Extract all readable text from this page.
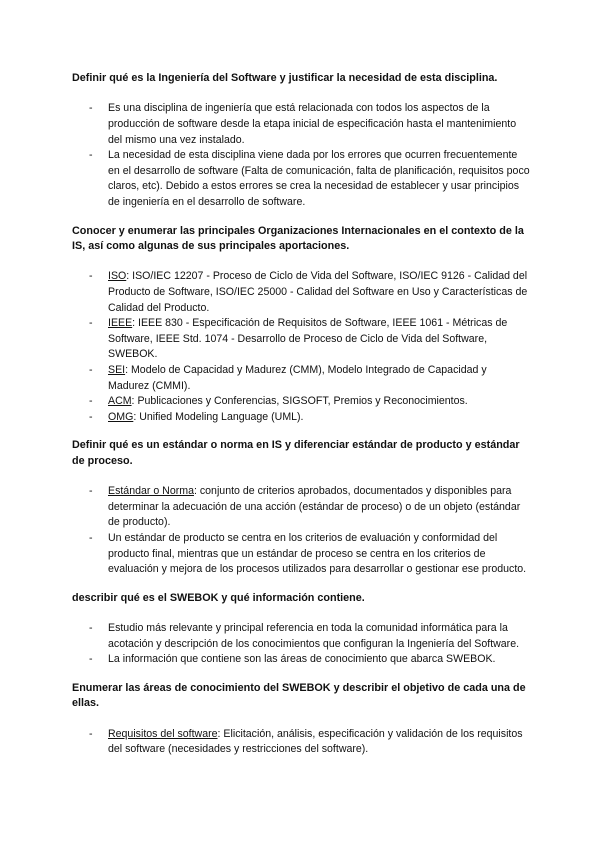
Definir qué es la Ingeniería del Software y justificar la necesidad de esta disciplina.
- Es una disciplina de ingeniería que está relacionada con todos los aspectos de la producción de software desde la etapa inicial de especificación hasta el mantenimiento del mismo una vez instalado.
- La necesidad de esta disciplina viene dada por los errores que ocurren frecuentemente en el desarrollo de software (Falta de comunicación, falta de planificación, requisitos poco claros, etc). Debido a estos errores se crea la necesidad de establecer y usar principios de ingeniería en el desarrollo de software.
Conocer y enumerar las principales Organizaciones Internacionales en el contexto de la IS, así como algunas de sus principales aportaciones.
- ISO: ISO/IEC 12207 - Proceso de Ciclo de Vida del Software, ISO/IEC 9126 - Calidad del Producto de Software, ISO/IEC 25000 - Calidad del Software en Uso y Características de Calidad del Producto.
- IEEE: IEEE 830 - Especificación de Requisitos de Software, IEEE 1061 - Métricas de Software, IEEE Std. 1074 - Desarrollo de Proceso de Ciclo de Vida del Software, SWEBOK.
- SEI: Modelo de Capacidad y Madurez (CMM), Modelo Integrado de Capacidad y Madurez (CMMI).
- ACM: Publicaciones y Conferencias, SIGSOFT, Premios y Reconocimientos.
- OMG: Unified Modeling Language (UML).
Definir qué es un estándar o norma en IS y diferenciar estándar de producto y estándar de proceso.
- Estándar o Norma: conjunto de criterios aprobados, documentados y disponibles para determinar la adecuación de una acción (estándar de proceso) o de un objeto (estándar de producto).
- Un estándar de producto se centra en los criterios de evaluación y conformidad del producto final, mientras que un estándar de proceso se centra en los criterios de evaluación y mejora de los procesos utilizados para desarrollar o gestionar ese producto.
describir qué es el SWEBOK y qué información contiene.
- Estudio más relevante y principal referencia en toda la comunidad informática para la acotación y descripción de los conocimientos que configuran la Ingeniería del Software.
- La información que contiene son las áreas de conocimiento que abarca SWEBOK.
Enumerar las áreas de conocimiento del SWEBOK y describir el objetivo de cada una de ellas.
- Requisitos del software: Elicitación, análisis, especificación y validación de los requisitos del software (necesidades y restricciones del software).
